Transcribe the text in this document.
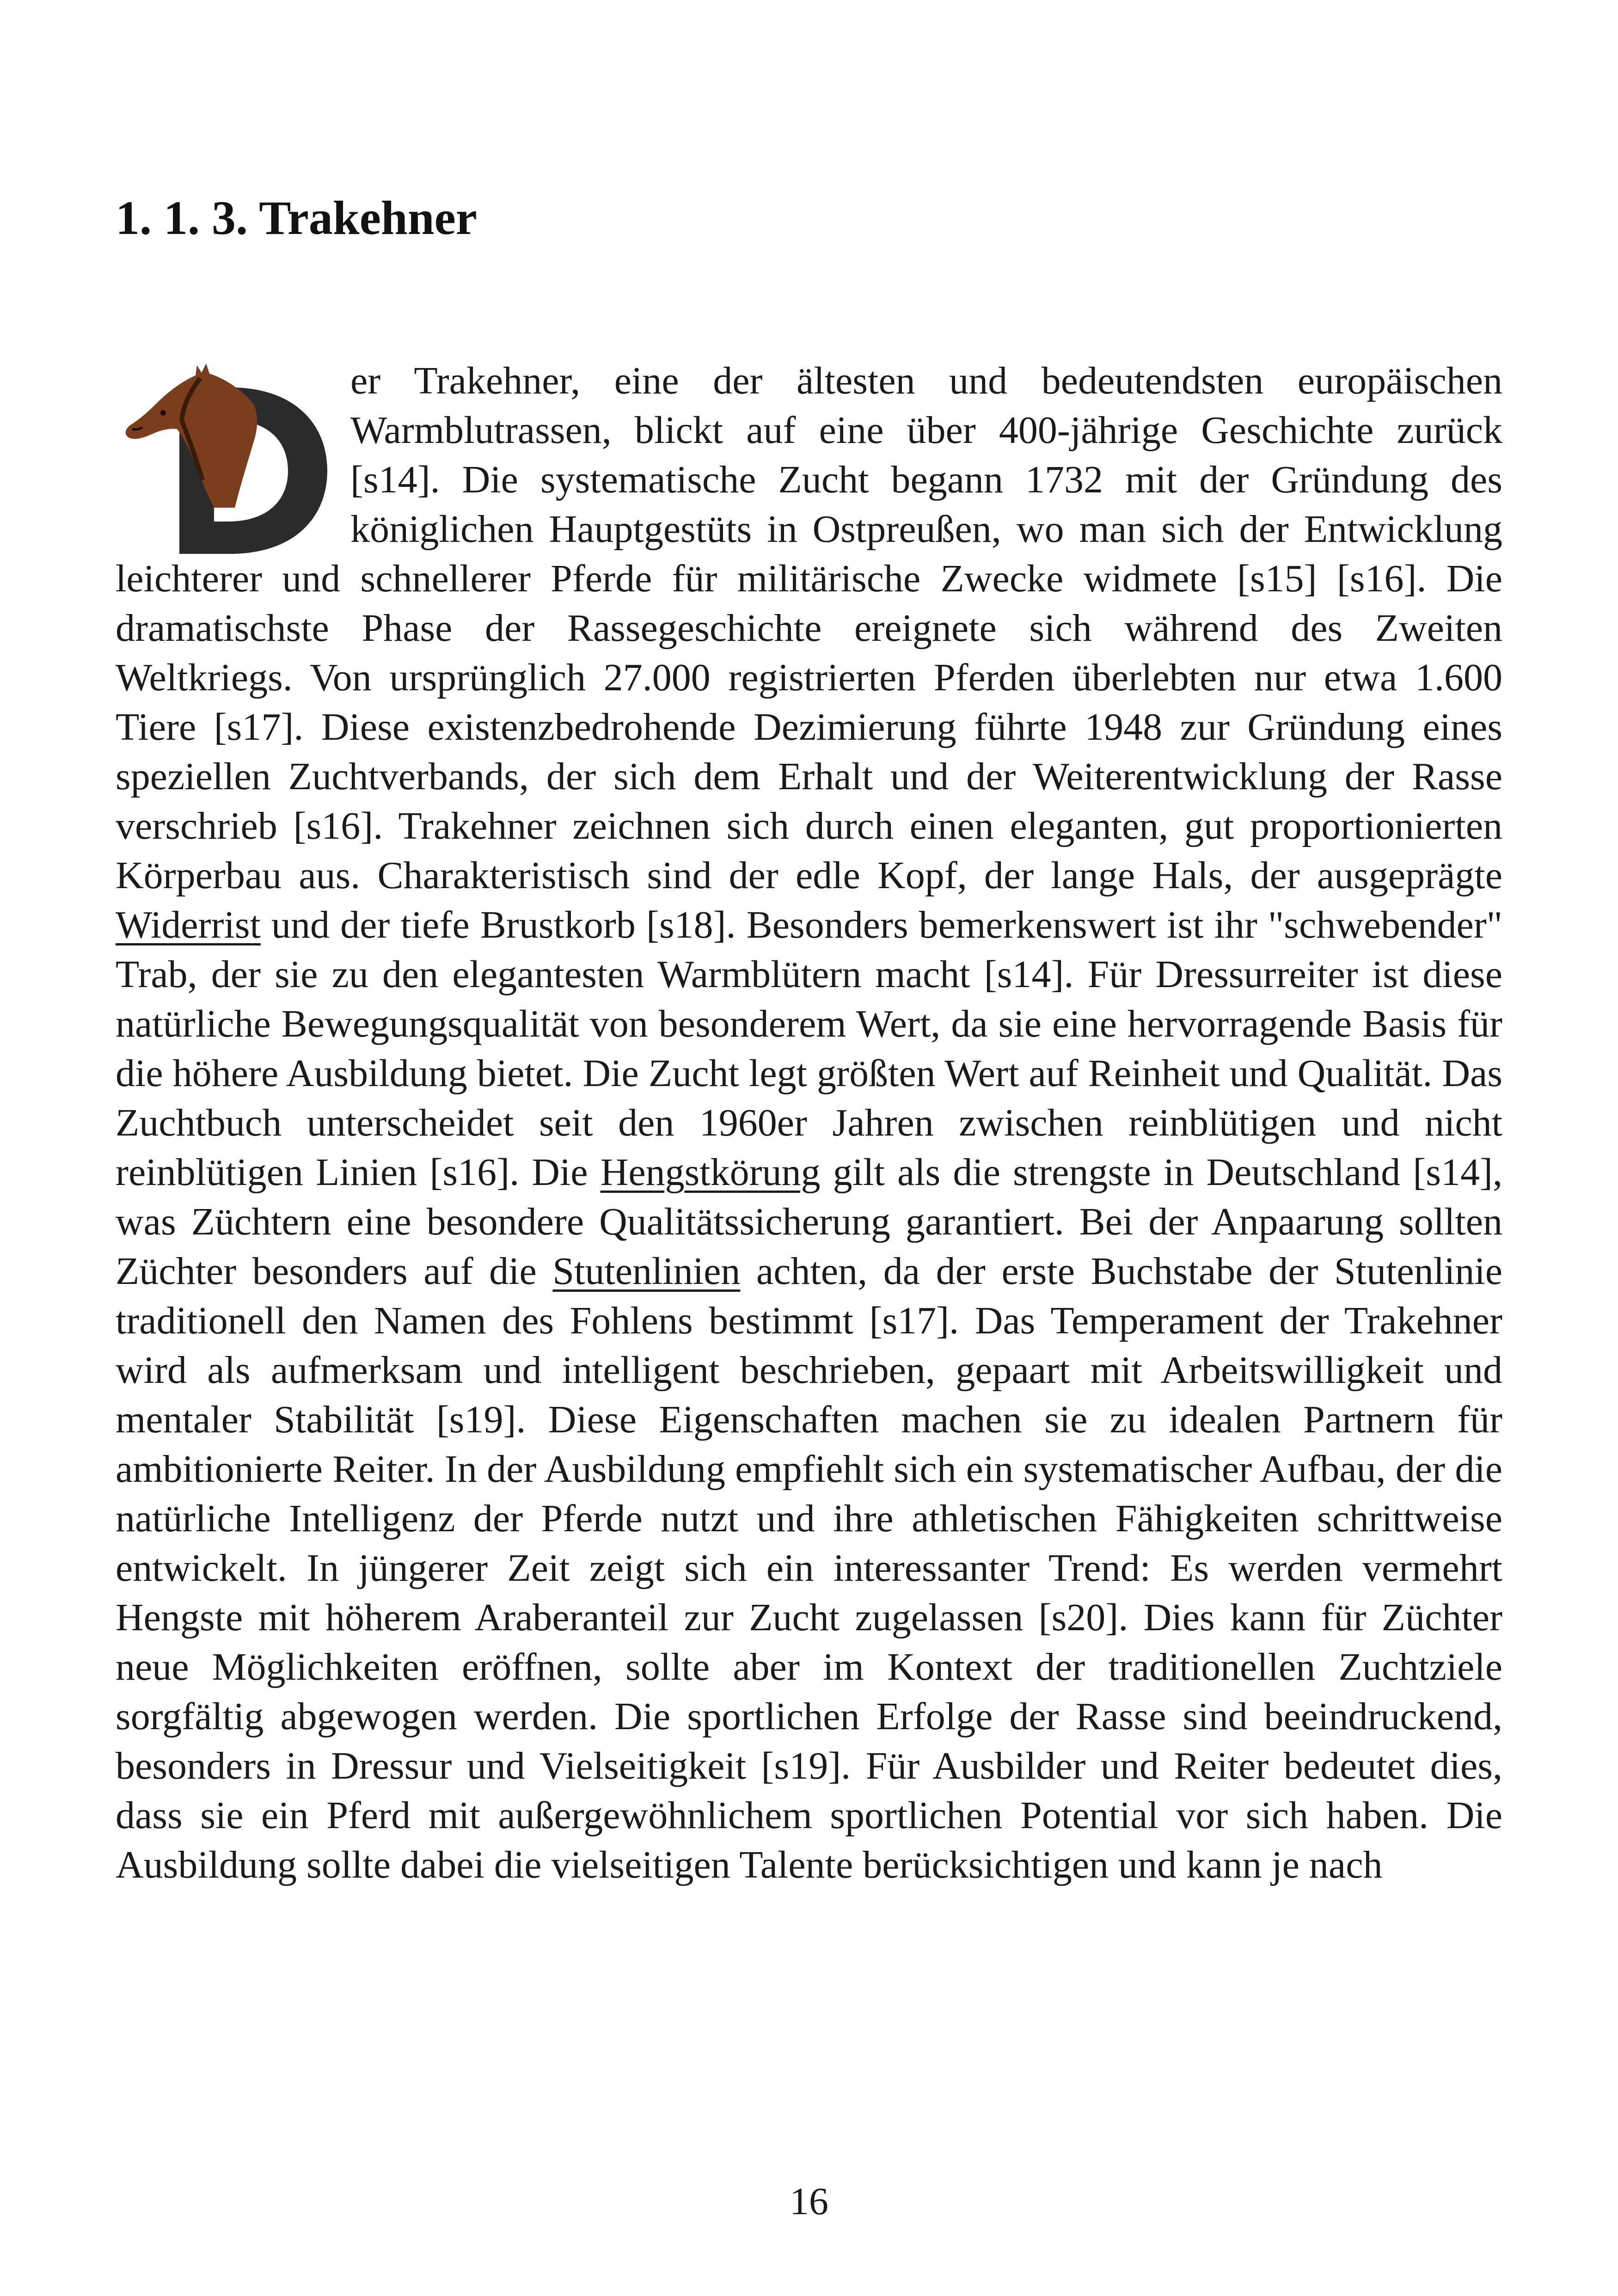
1. 1. 3. Trakehner
er Trakehner, eine der ältesten und bedeutendsten europäischen Warmblutrassen, blickt auf eine über 400-jährige Geschichte zurück [s14]. Die systematische Zucht begann 1732 mit der Gründung des königlichen Hauptgestüts in Ostpreußen, wo man sich der Entwicklung leichterer und schnellerer Pferde für militärische Zwecke widmete [s15] [s16]. Die dramatischste Phase der Rassegeschichte ereignete sich während des Zweiten Weltkriegs. Von ursprünglich 27.000 registrierten Pferden überlebten nur etwa 1.600 Tiere [s17]. Diese existenzbedrohende Dezimierung führte 1948 zur Gründung eines speziellen Zuchtverbands, der sich dem Erhalt und der Weiterentwicklung der Rasse verschrieb [s16]. Trakehner zeichnen sich durch einen eleganten, gut proportionierten Körperbau aus. Charakteristisch sind der edle Kopf, der lange Hals, der ausgeprägte Widerrist und der tiefe Brustkorb [s18]. Besonders bemerkenswert ist ihr "schwebender" Trab, der sie zu den elegantesten Warmblütern macht [s14]. Für Dressurreiter ist diese natürliche Bewegungsqualität von besonderem Wert, da sie eine hervorragende Basis für die höhere Ausbildung bietet. Die Zucht legt größten Wert auf Reinheit und Qualität. Das Zuchtbuch unterscheidet seit den 1960er Jahren zwischen reinblütigen und nicht reinblütigen Linien [s16]. Die Hengstkörung gilt als die strengste in Deutschland [s14], was Züchtern eine besondere Qualitätssicherung garantiert. Bei der Anpaarung sollten Züchter besonders auf die Stutenlinien achten, da der erste Buchstabe der Stutenlinie traditionell den Namen des Fohlens bestimmt [s17]. Das Temperament der Trakehner wird als aufmerksam und intelligent beschrieben, gepaart mit Arbeitswilligkeit und mentaler Stabilität [s19]. Diese Eigenschaften machen sie zu idealen Partnern für ambitionierte Reiter. In der Ausbildung empfiehlt sich ein systematischer Aufbau, der die natürliche Intelligenz der Pferde nutzt und ihre athletischen Fähigkeiten schrittweise entwickelt. In jüngerer Zeit zeigt sich ein interessanter Trend: Es werden vermehrt Hengste mit höherem Araberanteil zur Zucht zugelassen [s20]. Dies kann für Züchter neue Möglichkeiten eröffnen, sollte aber im Kontext der traditionellen Zuchtziele sorgfältig abgewogen werden. Die sportlichen Erfolge der Rasse sind beeindruckend, besonders in Dressur und Vielseitigkeit [s19]. Für Ausbilder und Reiter bedeutet dies, dass sie ein Pferd mit außergewöhnlichem sportlichen Potential vor sich haben. Die Ausbildung sollte dabei die vielseitigen Talente berücksichtigen und kann je nach
16
